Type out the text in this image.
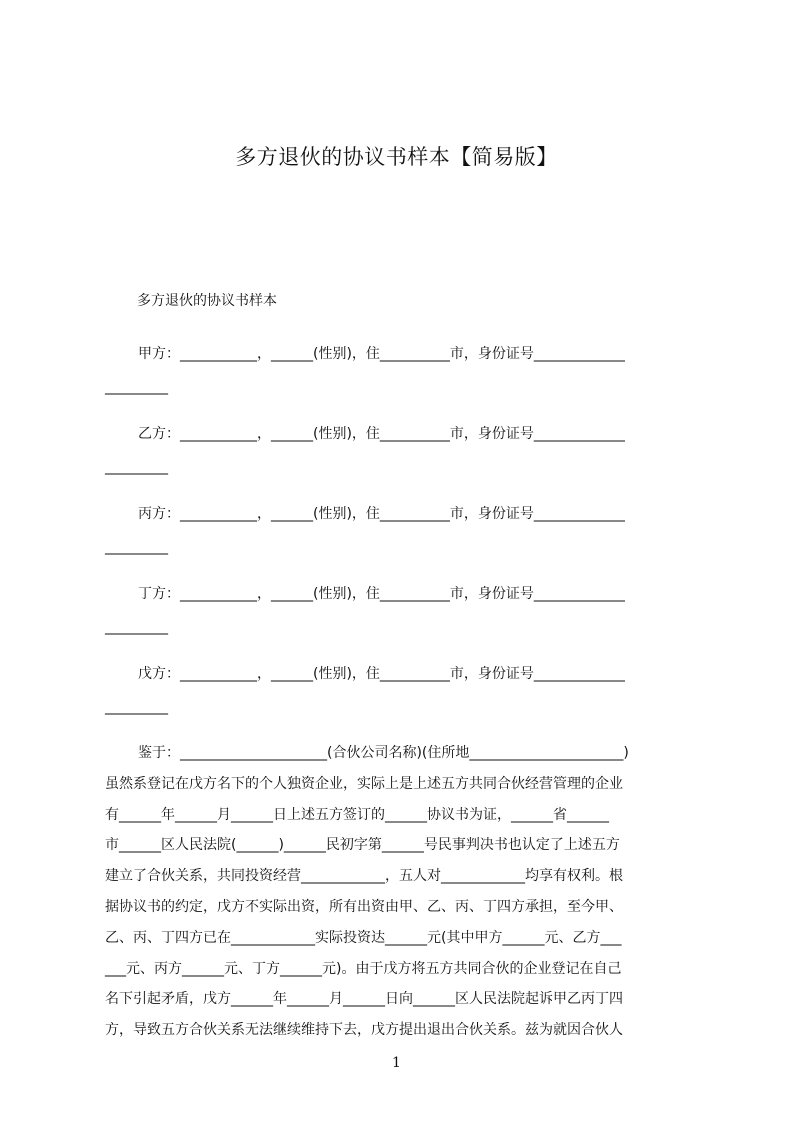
多方退伙的协议书样本【简易版】
多方退伙的协议书样本
甲方：___________，______(性别)，住__________市，身份证号_____________
_________
乙方：___________，______(性别)，住__________市，身份证号_____________
_________
丙方：___________，______(性别)，住__________市，身份证号_____________
_________
丁方：___________，______(性别)，住__________市，身份证号_____________
_________
戊方：___________，______(性别)，住__________市，身份证号_____________
_________
鉴于：_____________________(合伙公司名称)(住所地______________________)
虽然系登记在戊方名下的个人独资企业，实际上是上述五方共同合伙经营管理的企业
有______年______月______日上述五方签订的______协议书为证，______省______
市______区人民法院(______)______民初字第______号民事判决书也认定了上述五方
建立了合伙关系，共同投资经营____________，五人对____________均享有权利。根
据协议书的约定，戊方不实际出资，所有出资由甲、乙、丙、丁四方承担，至今甲、
乙、丙、丁四方已在____________实际投资达______元(其中甲方______元、乙方___
___元、丙方______元、丁方______元)。由于戊方将五方共同合伙的企业登记在自己
名下引起矛盾，戊方______年______月______日向______区人民法院起诉甲乙丙丁四
方，导致五方合伙关系无法继续维持下去，戊方提出退出合伙关系。兹为就因合伙人
1
